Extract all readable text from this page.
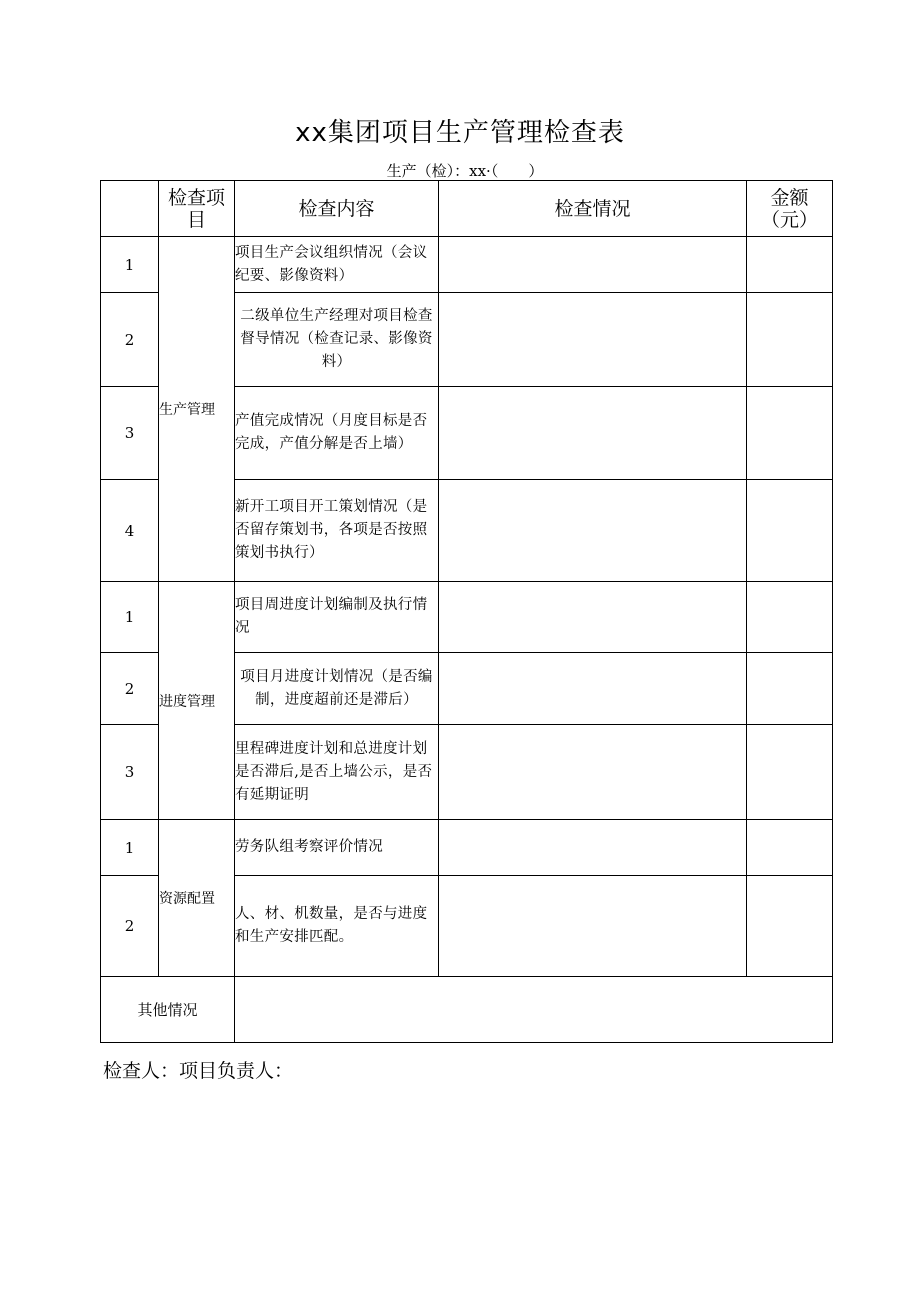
xx集团项目生产管理检查表
生产（检）：xx·（　　）
	检查项目	检查内容	检查情况	金额（元）
1	生产管理	项目生产会议组织情况（会议纪要、影像资料）		
2		二级单位生产经理对项目检查督导情况（检查记录、影像资料）		
3		产值完成情况（月度目标是否完成，产值分解是否上墙）		
4		新开工项目开工策划情况（是否留存策划书，各项是否按照策划书执行）		
1	进度管理	项目周进度计划编制及执行情况		
2		项目月进度计划情况（是否编制，进度超前还是滞后）		
3		里程碑进度计划和总进度计划是否滞后,是否上墙公示，是否有延期证明		
1	资源配置	劳务队组考察评价情况		
2		人、材、机数量，是否与进度和生产安排匹配。		
其他情况				
检查人：项目负责人：
